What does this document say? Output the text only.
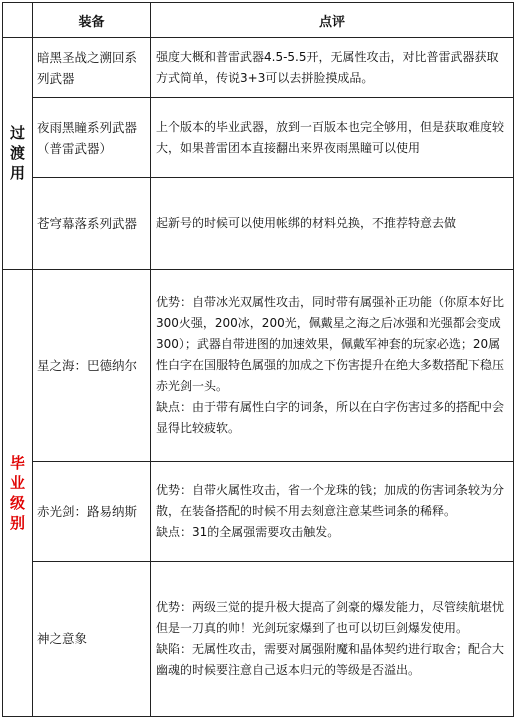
	装备	点评

过渡用	暗黑圣战之溯回系列武器	强度大概和普雷武器4.5-5.5开，无属性攻击，对比普雷武器获取方式简单，传说3+3可以去拼脸摸成品。

	夜雨黑瞳系列武器（普雷武器）	上个版本的毕业武器，放到一百版本也完全够用，但是获取难度较大，如果普雷团本直接翻出来界夜雨黑瞳可以使用

	苍穹幕落系列武器	起新号的时候可以使用帐绑的材料兑换，不推荐特意去做

毕业级别	星之海：巴德纳尔	优势：自带冰光双属性攻击，同时带有属强补正功能（你原本好比300火强，200冰，200光，佩戴星之海之后冰强和光强都会变成300）；武器自带进图的加速效果，佩戴军神套的玩家必选；20属性白字在国服特色属强的加成之下伤害提升在绝大多数搭配下稳压赤光剑一头。

缺点：由于带有属性白字的词条，所以在白字伤害过多的搭配中会显得比较疲软。

	赤光剑：路易纳斯	优势：自带火属性攻击，省一个龙珠的钱；加成的伤害词条较为分散，在装备搭配的时候不用去刻意注意某些词条的稀释。

缺点：31的全属强需要攻击触发。

	神之意象	优势：两级三觉的提升极大提高了剑豪的爆发能力，尽管续航堪忧但是一刀真的帅！光剑玩家爆到了也可以切巨剑爆发使用。

缺陷：无属性攻击，需要对属强附魔和晶体契约进行取舍；配合大幽魂的时候要注意自己返本归元的等级是否溢出。
